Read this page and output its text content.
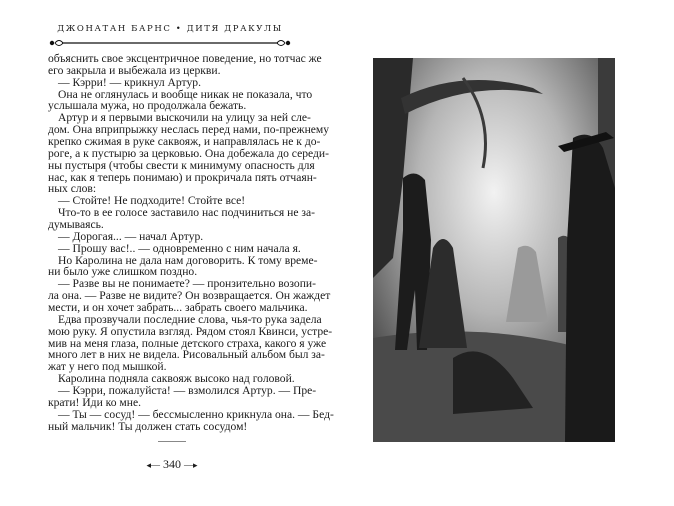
ДЖОНАТАН БАРНС • ДИТЯ ДРАКУЛЫ
объяснить свое эксцентричное поведение, но тотчас же
его закрыла и выбежала из церкви.
— Кэрри! — крикнул Артур.
Она не оглянулась и вообще никак не показала, что
услышала мужа, но продолжала бежать.
Артур и я первыми выскочили на улицу за ней сле-
дом. Она вприпрыжку неслась перед нами, по-прежнему
крепко сжимая в руке саквояж, и направлялась не к до-
роге, а к пустырю за церковью. Она добежала до середи-
ны пустыря (чтобы свести к минимуму опасность для
нас, как я теперь понимаю) и прокричала пять отчаян-
ных слов:
— Стойте! Не подходите! Стойте все!
Что-то в ее голосе заставило нас подчиниться не за-
думываясь.
— Дорогая... — начал Артур.
— Прошу вас!.. — одновременно с ним начала я.
Но Каролина не дала нам договорить. К тому време-
ни было уже слишком поздно.
— Разве вы не понимаете? — пронзительно возопи-
ла она. — Разве не видите? Он возвращается. Он жаждет
мести, и он хочет забрать... забрать своего мальчика.
Едва прозвучали последние слова, чья-то рука задела
мою руку. Я опустила взгляд. Рядом стоял Квинси, устре-
мив на меня глаза, полные детского страха, какого я уже
много лет в них не видела. Рисовальный альбом был за-
жат у него под мышкой.
Каролина подняла саквояж высоко над головой.
— Кэрри, пожалуйста! — взмолился Артур. — Пре-
крати! Иди ко мне.
— Ты — сосуд! — бессмысленно крикнула она. — Бед-
ный мальчик! Ты должен стать сосудом!
◂— 340 —▸
